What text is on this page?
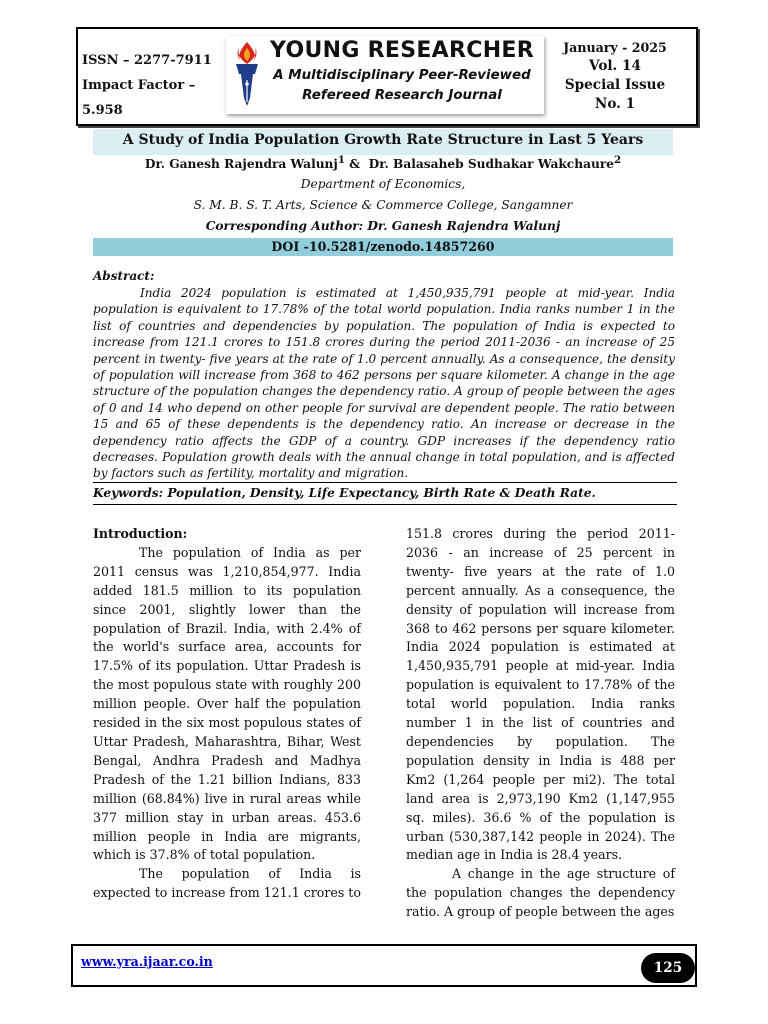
ISSN – 2277-7911
Impact Factor – 5.958
YOUNG RESEARCHER
A Multidisciplinary Peer-Reviewed
Refereed Research Journal
January - 2025
Vol. 14
Special Issue
No. 1
A Study of India Population Growth Rate Structure in Last 5 Years
Dr. Ganesh Rajendra Walunj$^1$ &  Dr. Balasaheb Sudhakar Wakchaure$^2$
Department of Economics,
S. M. B. S. T. Arts, Science & Commerce College, Sangamner
Corresponding Author: Dr. Ganesh Rajendra Walunj
DOI -10.5281/zenodo.14857260
Abstract:

India 2024 population is estimated at 1,450,935,791 people at mid-year. India population is equivalent to 17.78% of the total world population. India ranks number 1 in the list of countries and dependencies by population. The population of India is expected to increase from 121.1 crores to 151.8 crores during the period 2011-2036 - an increase of 25 percent in twenty- five years at the rate of 1.0 percent annually. As a consequence, the density of population will increase from 368 to 462 persons per square kilometer. A change in the age structure of the population changes the dependency ratio. A group of people between the ages of 0 and 14 who depend on other people for survival are dependent people. The ratio between 15 and 65 of these dependents is the dependency ratio. An increase or decrease in the dependency ratio affects the GDP of a country. GDP increases if the dependency ratio decreases. Population growth deals with the annual change in total population, and is affected by factors such as fertility, mortality and migration.

Keywords: Population, Density, Life Expectancy, Birth Rate & Death Rate.
Introduction:

The population of India as per 2011 census was 1,210,854,977. India added 181.5 million to its population since 2001, slightly lower than the population of Brazil. India, with 2.4% of the world's surface area, accounts for 17.5% of its population. Uttar Pradesh is the most populous state with roughly 200 million people. Over half the population resided in the six most populous states of Uttar Pradesh, Maharashtra, Bihar, West Bengal, Andhra Pradesh and Madhya Pradesh of the 1.21 billion Indians, 833 million (68.84%) live in rural areas while 377 million stay in urban areas. 453.6 million people in India are migrants, which is 37.8% of total population.

The population of India is expected to increase from 121.1 crores to

151.8 crores during the period 2011-2036 - an increase of 25 percent in twenty- five years at the rate of 1.0 percent annually. As a consequence, the density of population will increase from 368 to 462 persons per square kilometer. India 2024 population is estimated at 1,450,935,791 people at mid-year. India population is equivalent to 17.78% of the total world population. India ranks number 1 in the list of countries and dependencies by population. The population density in India is 488 per Km2 (1,264 people per mi2). The total land area is 2,973,190 Km2 (1,147,955 sq. miles). 36.6 % of the population is urban (530,387,142 people in 2024). The median age in India is 28.4 years.

A change in the age structure of the population changes the dependency ratio. A group of people between the ages

www.yra.ijaar.co.in	125
